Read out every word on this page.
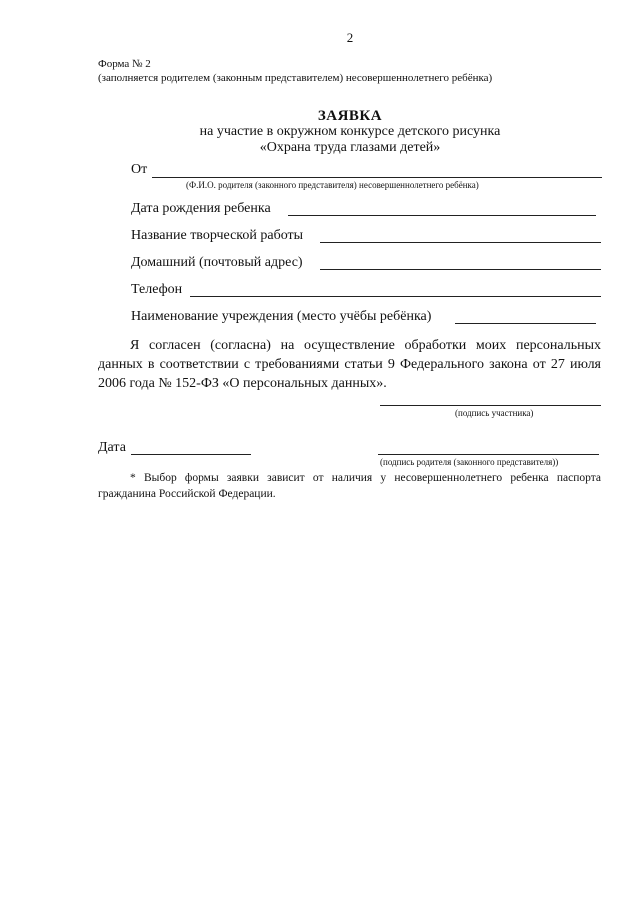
2
Форма № 2
(заполняется родителем (законным представителем) несовершеннолетнего ребёнка)
ЗАЯВКА
на участие в окружном конкурсе детского рисунка
«Охрана труда глазами детей»
От
(Ф.И.О. родителя (законного представителя) несовершеннолетнего ребёнка)
Дата рождения ребенка
Название творческой работы
Домашний (почтовый адрес)
Телефон
Наименование учреждения (место учёбы ребёнка)
Я согласен (согласна) на осуществление обработки моих персональных данных в соответствии с требованиями статьи 9 Федерального закона от 27 июля 2006 года № 152-ФЗ «О персональных данных».
(подпись участника)
Дата
(подпись родителя (законного представителя))
* Выбор формы заявки зависит от наличия у несовершеннолетнего ребенка паспорта гражданина Российской Федерации.
